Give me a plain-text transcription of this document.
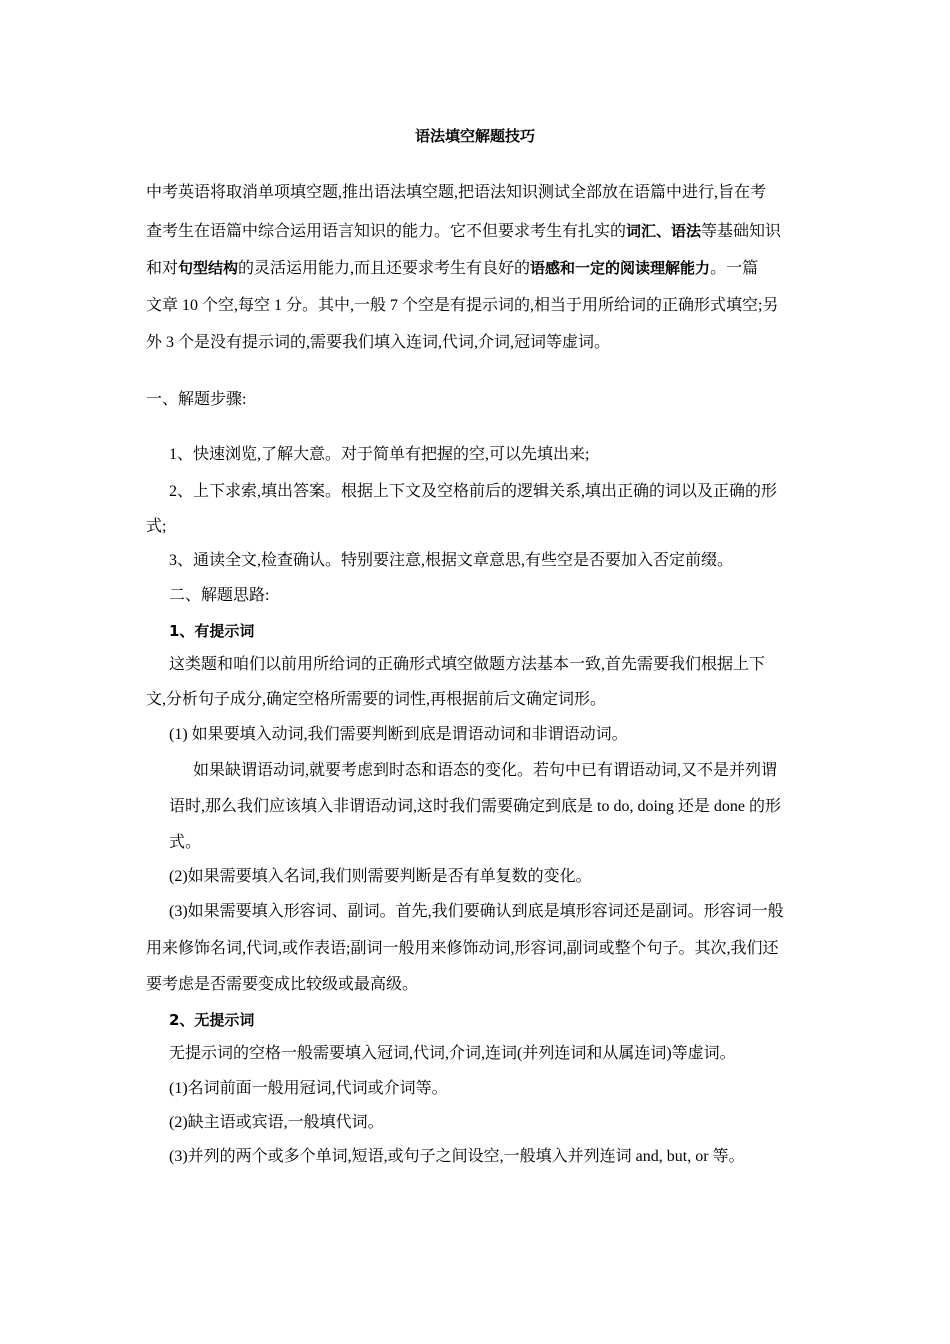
语法填空解题技巧
中考英语将取消单项填空题,推出语法填空题,把语法知识测试全部放在语篇中进行,旨在考
查考生在语篇中综合运用语言知识的能力。它不但要求考生有扎实的词汇、语法等基础知识
和对句型结构的灵活运用能力,而且还要求考生有良好的语感和一定的阅读理解能力。一篇
文章 10 个空,每空 1 分。其中,一般 7 个空是有提示词的,相当于用所给词的正确形式填空;另
外 3 个是没有提示词的,需要我们填入连词,代词,介词,冠词等虚词。
一、解题步骤:
1、快速浏览,了解大意。对于简单有把握的空,可以先填出来;
2、上下求索,填出答案。根据上下文及空格前后的逻辑关系,填出正确的词以及正确的形
式;
3、通读全文,检查确认。特别要注意,根据文章意思,有些空是否要加入否定前缀。
二、解题思路:
1、有提示词
这类题和咱们以前用所给词的正确形式填空做题方法基本一致,首先需要我们根据上下
文,分析句子成分,确定空格所需要的词性,再根据前后文确定词形。
(1) 如果要填入动词,我们需要判断到底是谓语动词和非谓语动词。
如果缺谓语动词,就要考虑到时态和语态的变化。若句中已有谓语动词,又不是并列谓
语时,那么我们应该填入非谓语动词,这时我们需要确定到底是 to do, doing 还是 done 的形
式。
(2)如果需要填入名词,我们则需要判断是否有单复数的变化。
(3)如果需要填入形容词、副词。首先,我们要确认到底是填形容词还是副词。形容词一般
用来修饰名词,代词,或作表语;副词一般用来修饰动词,形容词,副词或整个句子。其次,我们还
要考虑是否需要变成比较级或最高级。
2、无提示词
无提示词的空格一般需要填入冠词,代词,介词,连词(并列连词和从属连词)等虚词。
(1)名词前面一般用冠词,代词或介词等。
(2)缺主语或宾语,一般填代词。
(3)并列的两个或多个单词,短语,或句子之间设空,一般填入并列连词 and, but, or 等。
